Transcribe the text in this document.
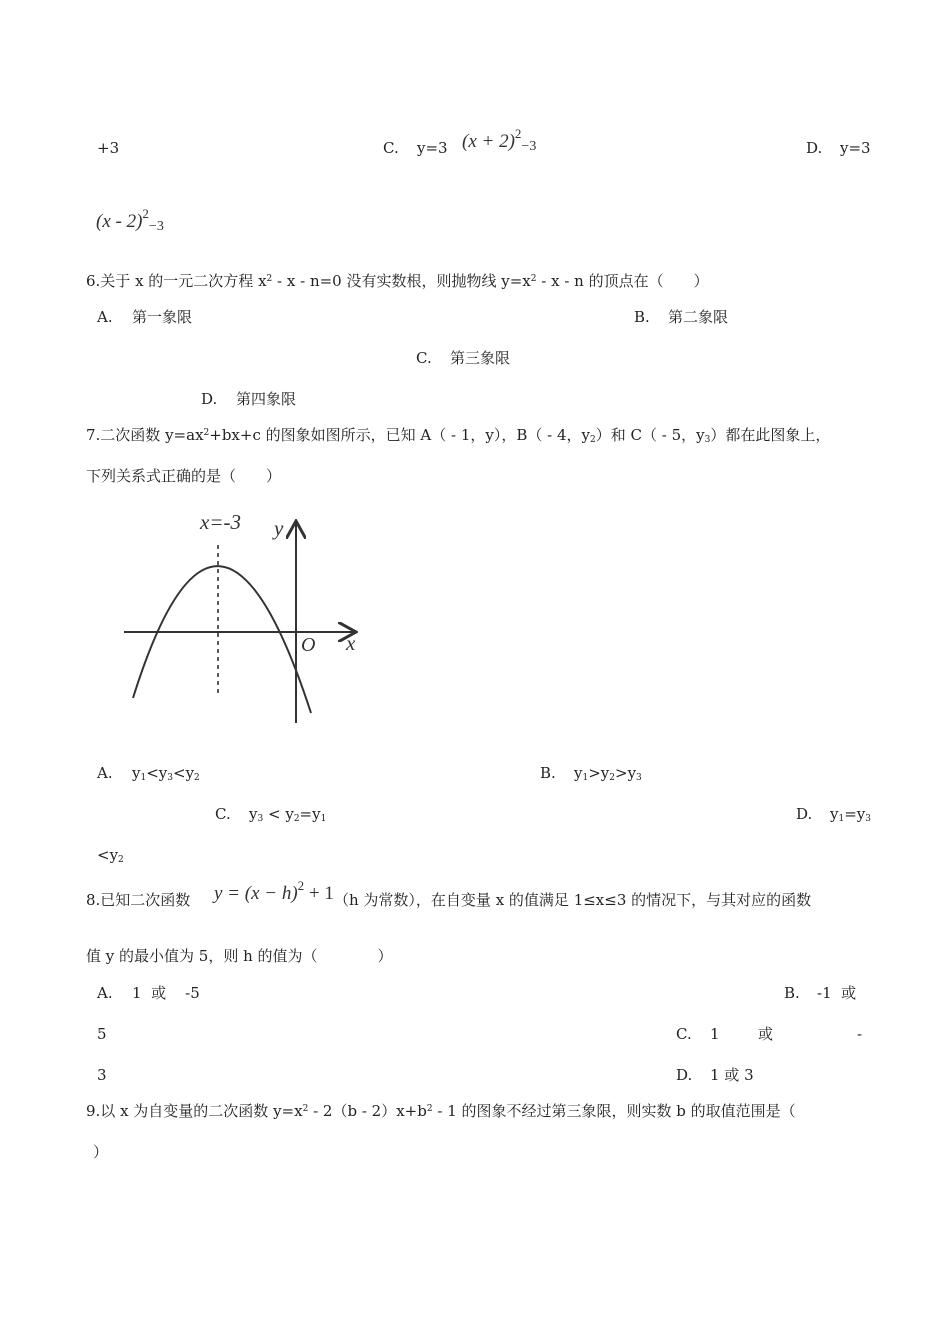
+3	C. y=3 $(x + 2)^2-3$	D. y=3
(x - 2)$^2$−3
6.关于 x 的一元二次方程 $x^2 - x - n=0$ 没有实数根，则抛物线 $y=x^2 - x - n$ 的顶点在（　　）
A. 第一象限	B. 第二象限
C. 第三象限
D. 第四象限
7.二次函数 $y=ax^2+bx+c$ 的图象如图所示，已知 A（ - 1，y），B（ - 4，$y_2$）和 C（ - 5，$y_3$）都在此图象上，
下列关系式正确的是（　　）
x=-3 y
x
O
A. $y_1<y_3<y_2$	B. $y_1>y_2>y_3$
C. $y_3 < y_2=y_1$	D. $y_1=y_3$
$<y_2$
8.已知二次函数 $y = (x - h)^2 + 1$ （h 为常数），在自变量 x 的值满足 1≤x≤3 的情况下，与其对应的函数
值 y 的最小值为 5，则 h 的值为（　　　　）
A. 1  或    -5	B. -1  或
5	C. 1	或	-
3	D. 1 或 3
9.以 x 为自变量的二次函数 $y=x^2 - 2(b - 2)x+b^2 - 1$ 的图象不经过第三象限，则实数 b 的取值范围是（
）
